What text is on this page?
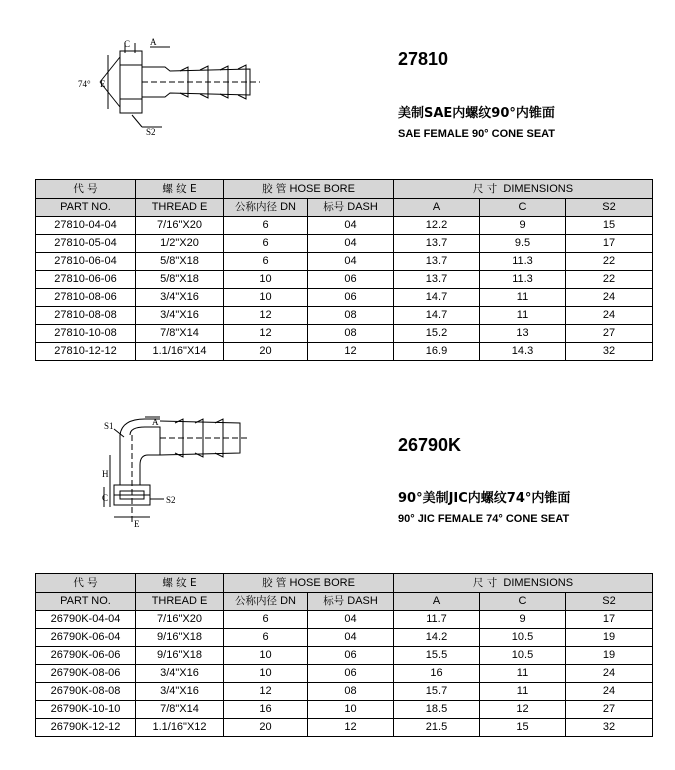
C A
74° E
S2
27810
美制SAE内螺纹90°内锥面
SAE FEMALE 90° CONE SEAT
代 号	螺 纹 E	胶 管 HOSE BORE		尺 寸 DIMENSIONS		
PART NO.	THREAD E	公称内径 DN	标号 DASH	A	C	S2
27810-04-04	7/16"X20	6	04	12.2	9	15
27810-05-04	1/2"X20	6	04	13.7	9.5	17
27810-06-04	5/8"X18	6	04	13.7	11.3	22
27810-06-06	5/8"X18	10	06	13.7	11.3	22
27810-08-06	3/4"X16	10	06	14.7	11	24
27810-08-08	3/4"X16	12	08	14.7	11	24
27810-10-08	7/8"X14	12	08	15.2	13	27
27810-12-12	1.1/16"X14	20	12	16.9	14.3	32
S1	A
H
C
E
S2
26790K
90°美制JIC内螺纹74°内锥面
90° JIC FEMALE 74° CONE SEAT
代 号	螺 纹 E	胶 管 HOSE BORE		尺 寸 DIMENSIONS		
PART NO.	THREAD E	公称内径 DN	标号 DASH	A	C	S2
26790K-04-04	7/16"X20	6	04	11.7	9	17
26790K-06-04	9/16"X18	6	04	14.2	10.5	19
26790K-06-06	9/16"X18	10	06	15.5	10.5	19
26790K-08-06	3/4"X16	10	06	16	11	24
26790K-08-08	3/4"X16	12	08	15.7	11	24
26790K-10-10	7/8"X14	16	10	18.5	12	27
26790K-12-12	1.1/16"X12	20	12	21.5	15	32
